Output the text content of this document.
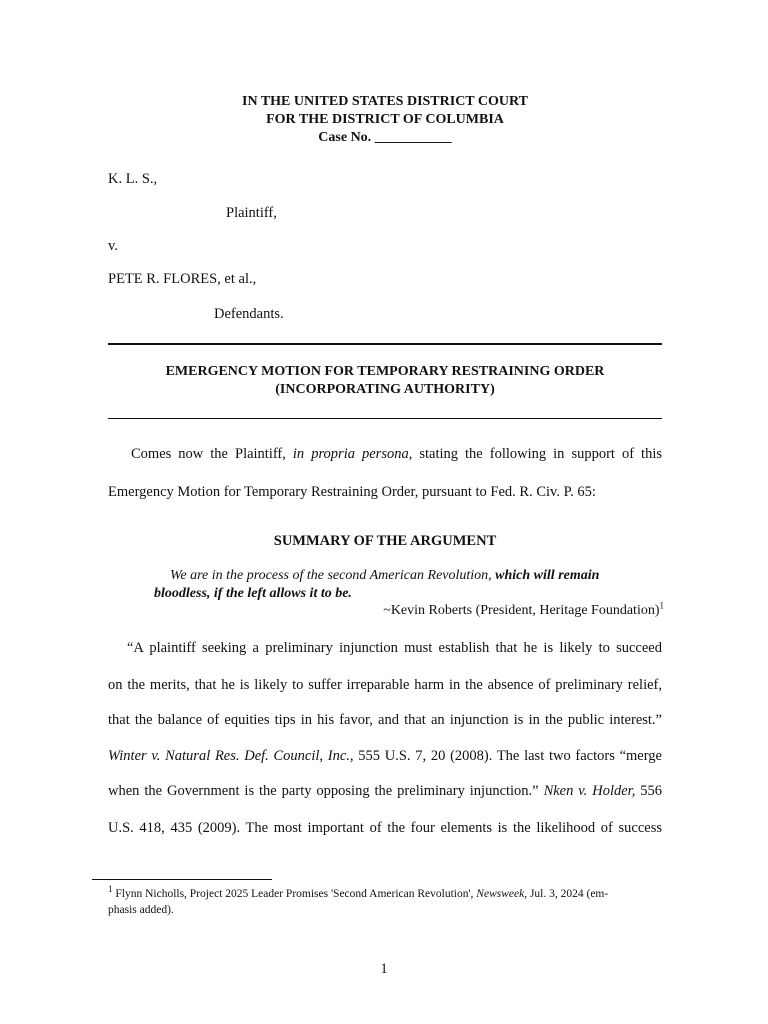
IN THE UNITED STATES DISTRICT COURT
FOR THE DISTRICT OF COLUMBIA
Case No. ___________
K. L. S.,
Plaintiff,
v.
PETE R. FLORES, et al.,
Defendants.
EMERGENCY MOTION FOR TEMPORARY RESTRAINING ORDER
(INCORPORATING AUTHORITY)
Comes now the Plaintiff, in propria persona, stating the following in support of this
Emergency Motion for Temporary Restraining Order, pursuant to Fed. R. Civ. P. 65:
SUMMARY OF THE ARGUMENT
We are in the process of the second American Revolution, which will remain
bloodless, if the left allows it to be.
~Kevin Roberts (President, Heritage Foundation)$^1$
“A plaintiff seeking a preliminary injunction must establish that he is likely to succeed
on the merits, that he is likely to suffer irreparable harm in the absence of preliminary relief,
that the balance of equities tips in his favor, and that an injunction is in the public interest.”
Winter v. Natural Res. Def. Council, Inc., 555 U.S. 7, 20 (2008). The last two factors “merge
when the Government is the party opposing the preliminary injunction.” Nken v. Holder, 556
U.S. 418, 435 (2009). The most important of the four elements is the likelihood of success
$^1$ Flynn Nicholls, Project 2025 Leader Promises 'Second American Revolution', Newsweek, Jul. 3, 2024 (em-
phasis added).
1
